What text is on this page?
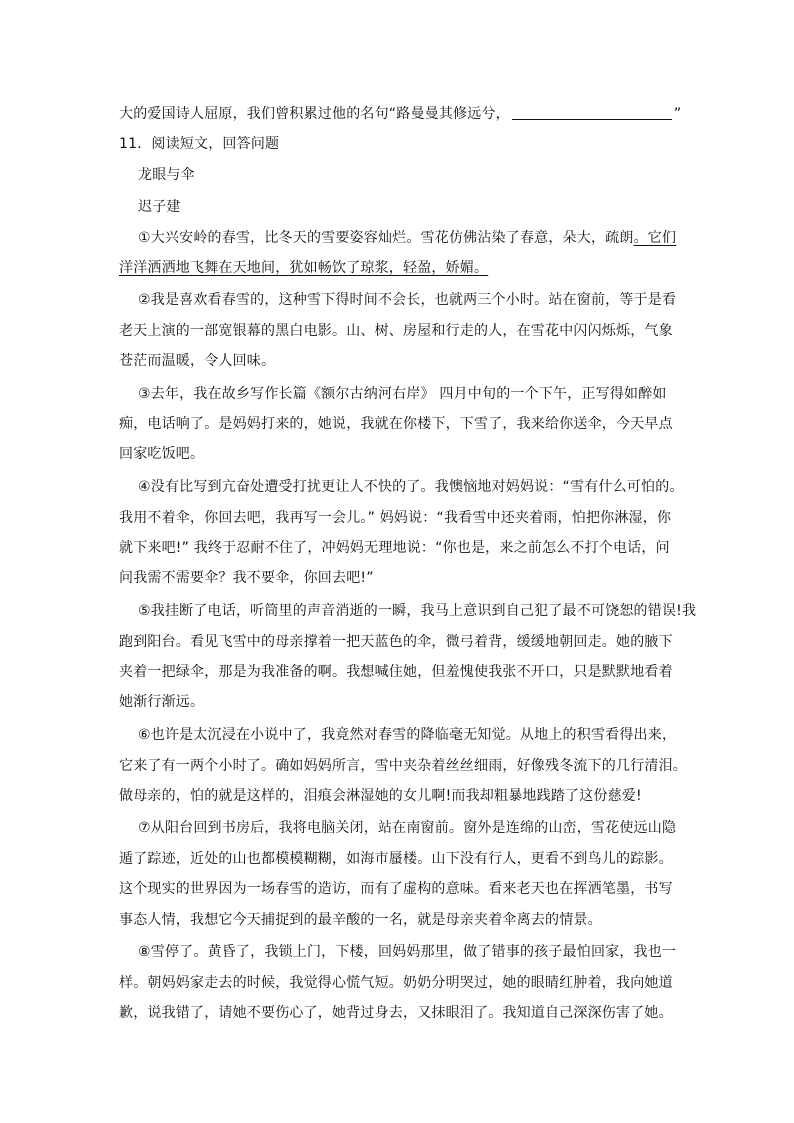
大的爱国诗人屈原，我们曾积累过他的名句“路曼曼其修远兮，	”
11．阅读短文，回答问题
龙眼与伞
迟子建
①大兴安岭的春雪，比冬天的雪要姿容灿烂。雪花仿佛沾染了春意，朵大，疏朗。它们
洋洋洒洒地飞舞在天地间，犹如畅饮了琼浆，轻盈，娇媚。
②我是喜欢看春雪的，这种雪下得时间不会长，也就两三个小时。站在窗前，等于是看
老天上演的一部宽银幕的黑白电影。山、树、房屋和行走的人，在雪花中闪闪烁烁，气象
苍茫而温暖，令人回味。
③去年，我在故乡写作长篇《额尔古纳河右岸》 四月中旬的一个下午，正写得如醉如
痴，电话响了。是妈妈打来的，她说，我就在你楼下，下雪了，我来给你送伞，今天早点
回家吃饭吧。
④没有比写到亢奋处遭受打扰更让人不快的了。我懊恼地对妈妈说：“雪有什么可怕的。
我用不着伞，你回去吧，我再写一会儿。” 妈妈说：“我看雪中还夹着雨，怕把你淋湿，你
就下来吧!” 我终于忍耐不住了，冲妈妈无理地说：“你也是，来之前怎么不打个电话，问
问我需不需要伞？我不要伞，你回去吧!”
⑤我挂断了电话，听筒里的声音消逝的一瞬，我马上意识到自己犯了最不可饶恕的错误!我
跑到阳台。看见飞雪中的母亲撑着一把天蓝色的伞，微弓着背，缓缓地朝回走。她的腋下
夹着一把绿伞，那是为我准备的啊。我想喊住她，但羞愧使我张不开口，只是默默地看着
她渐行渐远。
⑥也许是太沉浸在小说中了，我竟然对春雪的降临毫无知觉。从地上的积雪看得出来，
它来了有一两个小时了。确如妈妈所言，雪中夹杂着丝丝细雨，好像残冬流下的几行清泪。
做母亲的，怕的就是这样的，泪痕会淋湿她的女儿啊!而我却粗暴地践踏了这份慈爱!
⑦从阳台回到书房后，我将电脑关闭，站在南窗前。窗外是连绵的山峦，雪花使远山隐
遁了踪迹，近处的山也都模模糊糊，如海市蜃楼。山下没有行人，更看不到鸟儿的踪影。
这个现实的世界因为一场春雪的造访，而有了虚构的意味。看来老天也在挥洒笔墨，书写
事态人情，我想它今天捕捉到的最辛酸的一名，就是母亲夹着伞离去的情景。
⑧雪停了。黄昏了，我锁上门，下楼，回妈妈那里，做了错事的孩子最怕回家，我也一
样。朝妈妈家走去的时候，我觉得心慌气短。奶奶分明哭过，她的眼睛红肿着，我向她道
歉，说我错了，请她不要伤心了，她背过身去，又抹眼泪了。我知道自己深深伤害了她。
